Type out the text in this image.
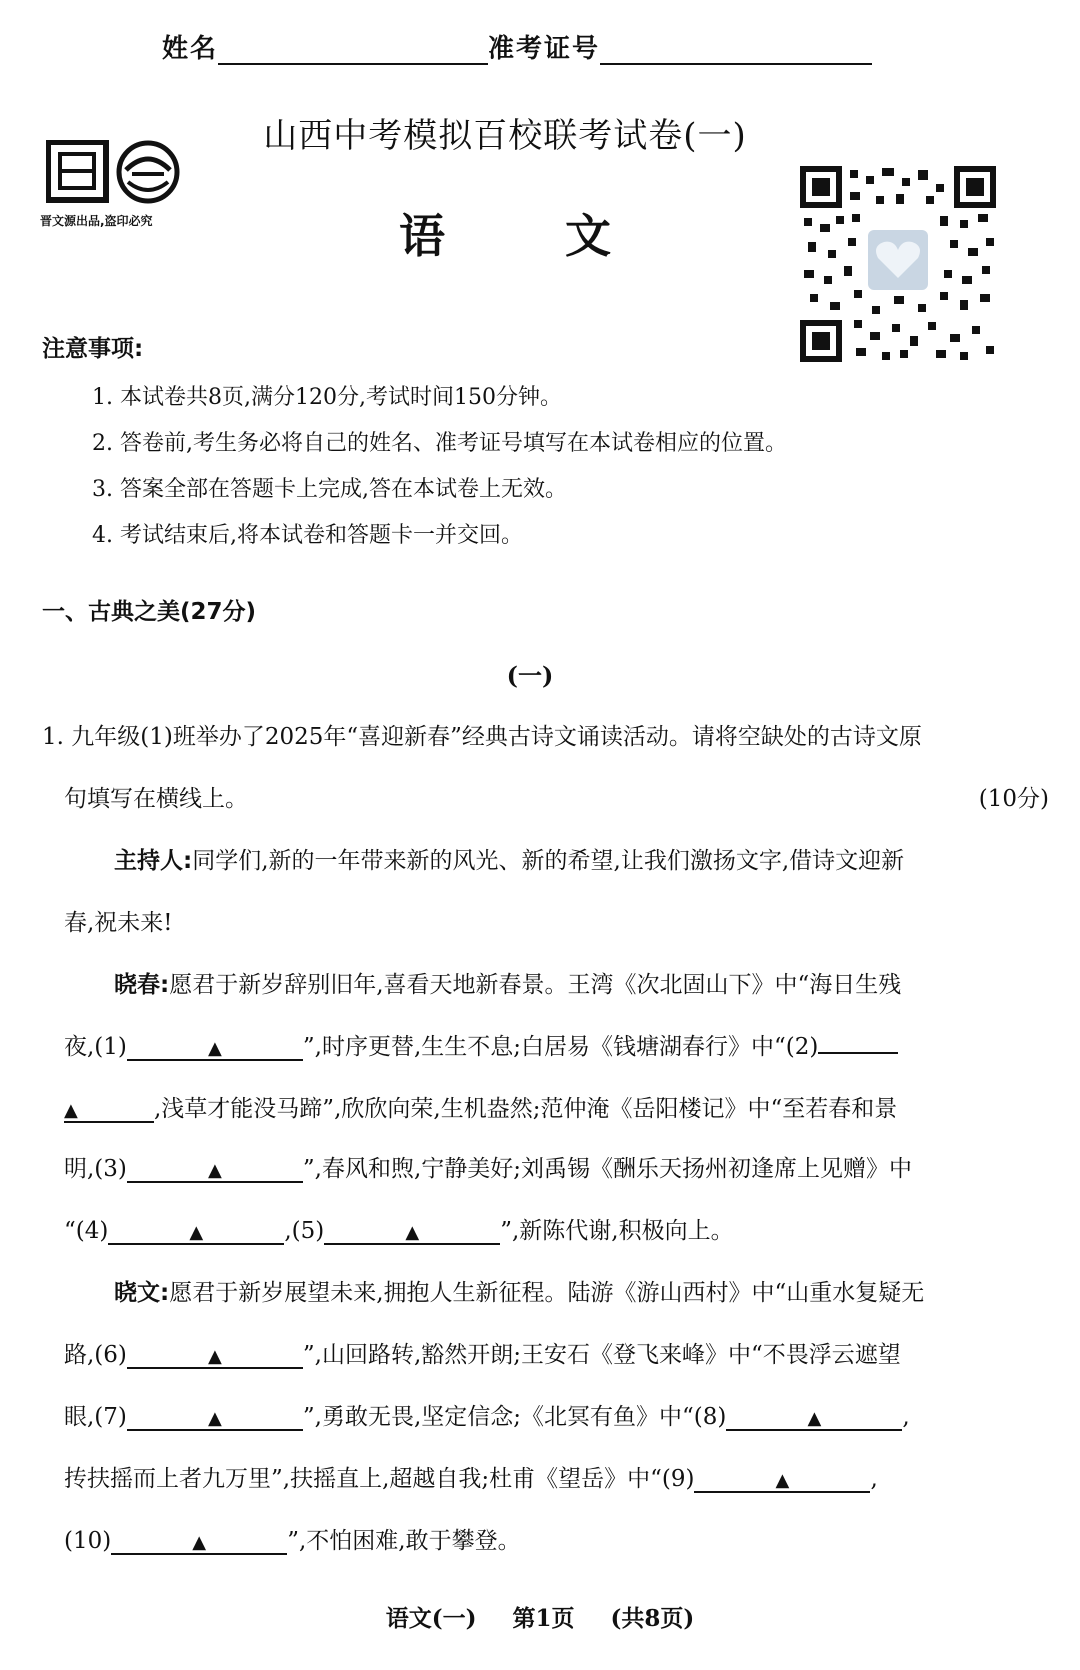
姓名	准考证号
晋文源出品,盗印必究
山西中考模拟百校联考试卷(一)
语	文
注意事项:
1. 本试卷共8页,满分120分,考试时间150分钟。
2. 答卷前,考生务必将自己的姓名、准考证号填写在本试卷相应的位置。
3. 答案全部在答题卡上完成,答在本试卷上无效。
4. 考试结束后,将本试卷和答题卡一并交回。
一、古典之美(27分)
(一)
1. 九年级(1)班举办了2025年“喜迎新春”经典古诗文诵读活动。请将空缺处的古诗文原
句填写在横线上。	(10分)
主持人:同学们,新的一年带来新的风光、新的希望,让我们激扬文字,借诗文迎新
春,祝未来!
晓春:愿君于新岁辞别旧年,喜看天地新春景。王湾《次北固山下》中“海日生残
夜,(1)	▲	”,时序更替,生生不息;白居易《钱塘湖春行》中“(2)
▲	,浅草才能没马蹄”,欣欣向荣,生机盎然;范仲淹《岳阳楼记》中“至若春和景
明,(3)	▲	”,春风和煦,宁静美好;刘禹锡《酬乐天扬州初逢席上见赠》中
“(4)	▲	,(5)	▲	”,新陈代谢,积极向上。
晓文:愿君于新岁展望未来,拥抱人生新征程。陆游《游山西村》中“山重水复疑无
路,(6)	▲	”,山回路转,豁然开朗;王安石《登飞来峰》中“不畏浮云遮望
眼,(7)	▲	”,勇敢无畏,坚定信念;《北冥有鱼》中“(8)	▲	,
抟扶摇而上者九万里”,扶摇直上,超越自我;杜甫《望岳》中“(9)	▲	,
(10)	▲	”,不怕困难,敢于攀登。
语文(一) 第1页 (共8页)
